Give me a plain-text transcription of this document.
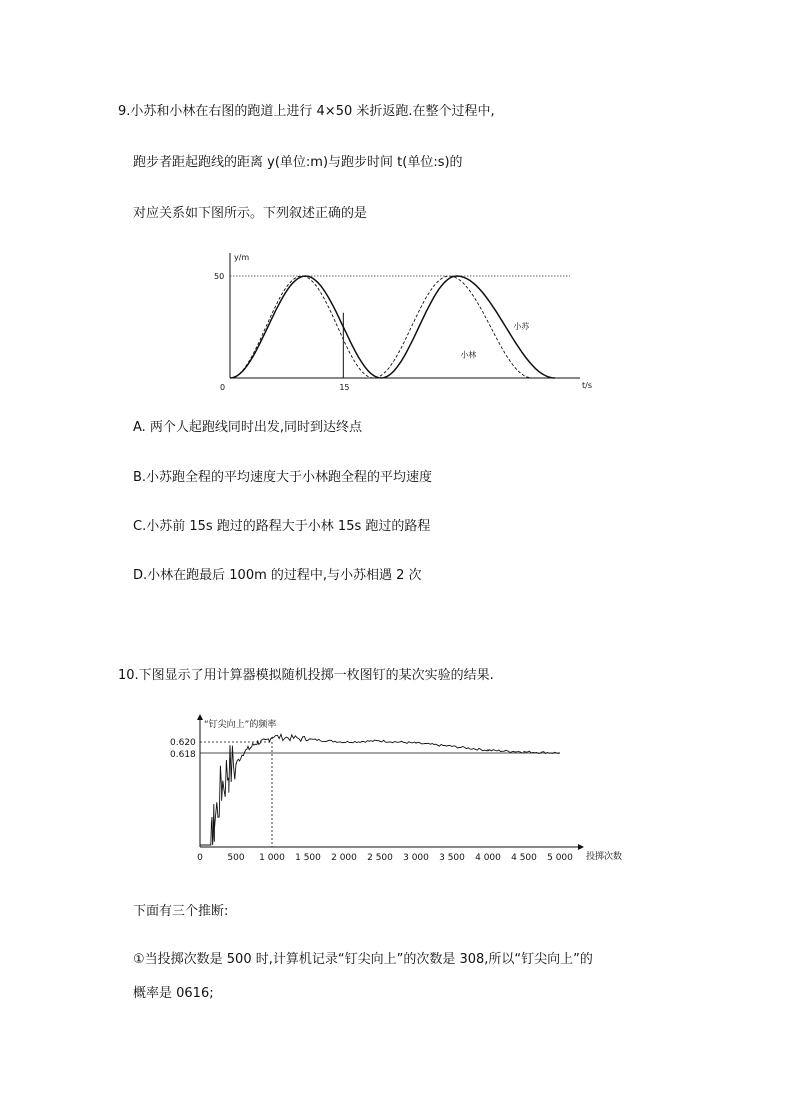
9.小苏和小林在右图的跑道上进行 4×50 米折返跑.在整个过程中,
跑步者距起跑线的距离 y(单位:m)与跑步时间 t(单位:s)的
对应关系如下图所示。下列叙述正确的是
y/m
t/s
0
50
15
小苏
小林
A. 两个人起跑线同时出发,同时到达终点
B.小苏跑全程的平均速度大于小林跑全程的平均速度
C.小苏前 15s 跑过的路程大于小林 15s 跑过的路程
D.小林在跑最后 100m 的过程中,与小苏相遇 2 次
10.下图显示了用计算器模拟随机投掷一枚图钉的某次实验的结果.
“钉尖向上”的频率
投掷次数
0.620
0.618
0	500 1 000 1 500 2 000 2 500 3 000 3 500 4 000 4 500 5 000
下面有三个推断:
①当投掷次数是 500 时,计算机记录“钉尖向上”的次数是 308,所以“钉尖向上”的
概率是 0616;
